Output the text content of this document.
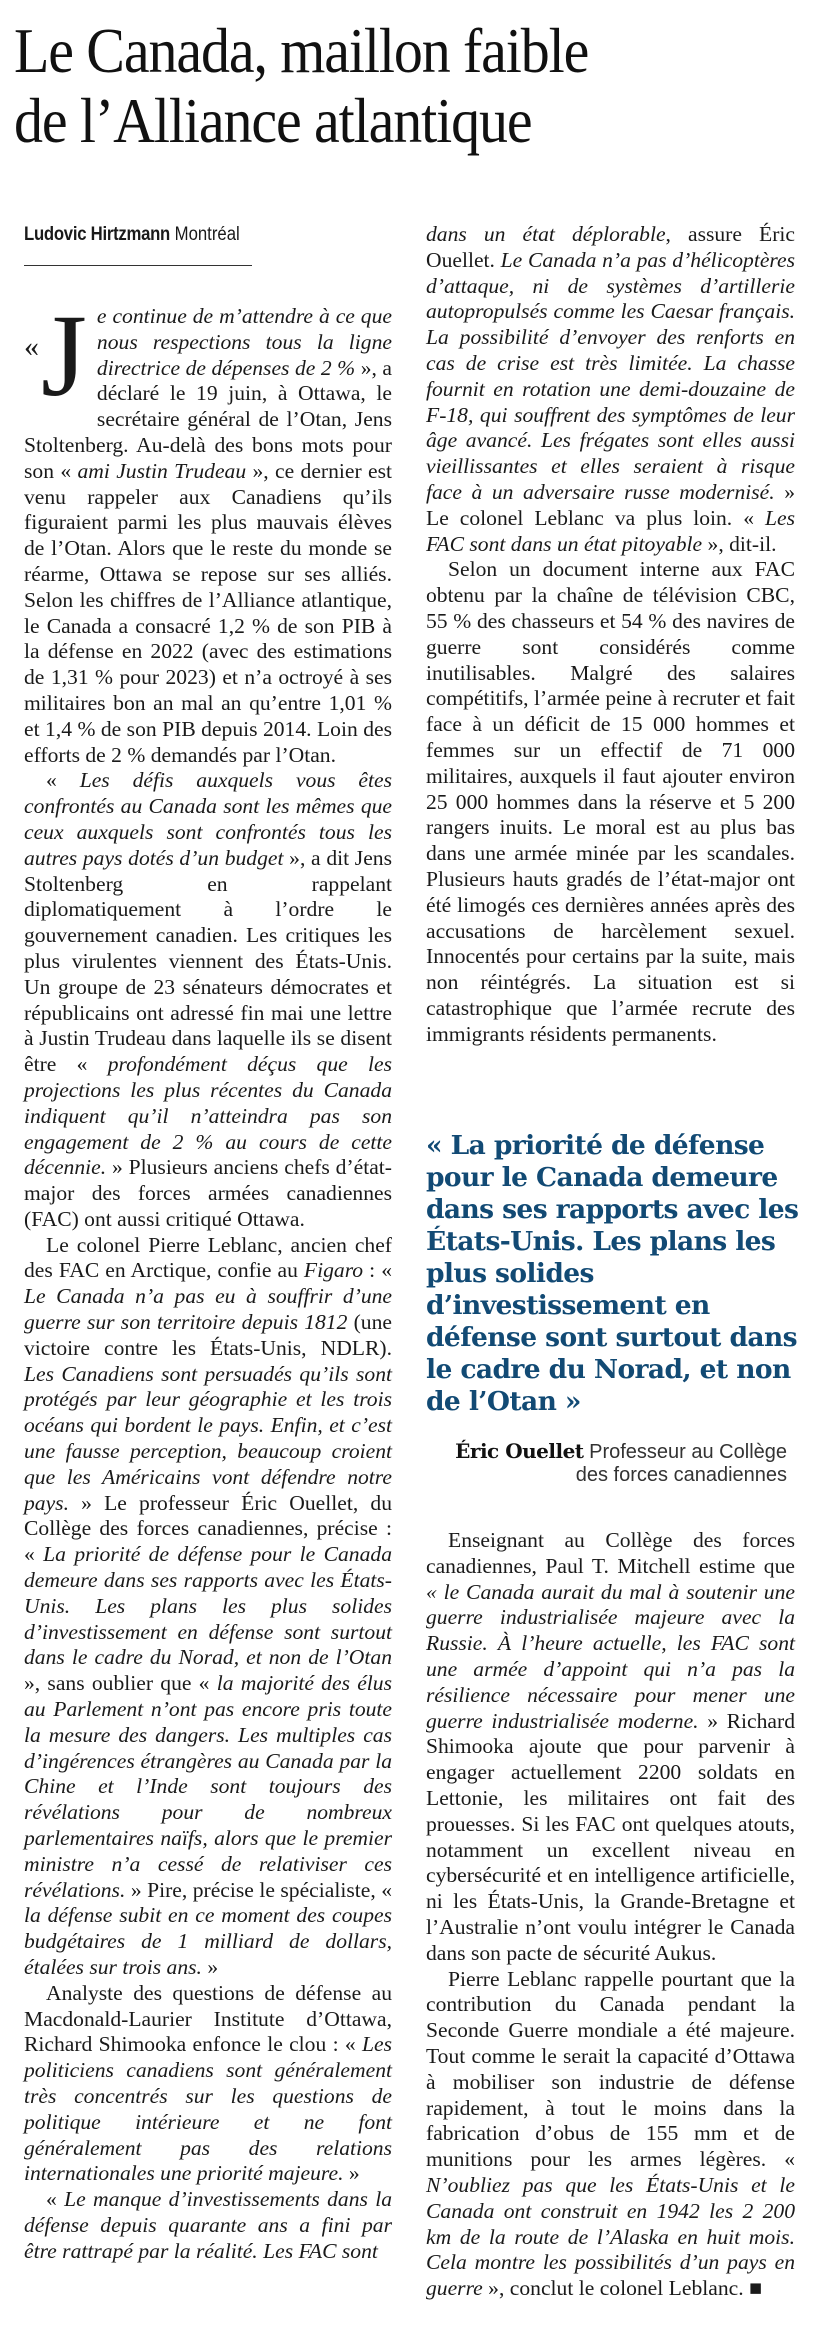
Le Canada, maillon faible
de l’Alliance atlantique
Ludovic Hirtzmann Montréal

« J e continue de m’attendre à ce que nous respections tous la ligne directrice de dépenses de 2 % », a déclaré le 19 juin, à Ottawa, le secrétaire général de l’Otan, Jens Stoltenberg. Au-delà des bons mots pour son « ami Justin Trudeau », ce dernier est venu rappeler aux Canadiens qu’ils figuraient parmi les plus mauvais élèves de l’Otan. Alors que le reste du monde se réarme, Ottawa se repose sur ses alliés. Selon les chiffres de l’Alliance atlantique, le Canada a consacré 1,2 % de son PIB à la défense en 2022 (avec des estimations de 1,31 % pour 2023) et n’a octroyé à ses militaires bon an mal an qu’entre 1,01 % et 1,4 % de son PIB depuis 2014. Loin des efforts de 2 % demandés par l’Otan.

« Les défis auxquels vous êtes confrontés au Canada sont les mêmes que ceux auxquels sont confrontés tous les autres pays dotés d’un budget », a dit Jens Stoltenberg en rappelant diplomatiquement à l’ordre le gouvernement canadien. Les critiques les plus virulentes viennent des États-Unis. Un groupe de 23 sénateurs démocrates et républicains ont adressé fin mai une lettre à Justin Trudeau dans laquelle ils se disent être « profondément déçus que les projections les plus récentes du Canada indiquent qu’il n’atteindra pas son engagement de 2 % au cours de cette décennie. » Plusieurs anciens chefs d’état-major des forces armées canadiennes (FAC) ont aussi critiqué Ottawa.

Le colonel Pierre Leblanc, ancien chef des FAC en Arctique, confie au Figaro : « Le Canada n’a pas eu à souffrir d’une guerre sur son territoire depuis 1812 (une victoire contre les États-Unis, NDLR). Les Canadiens sont persuadés qu’ils sont protégés par leur géographie et les trois océans qui bordent le pays. Enfin, et c’est une fausse perception, beaucoup croient que les Américains vont défendre notre pays. » Le professeur Éric Ouellet, du Collège des forces canadiennes, précise : « La priorité de défense pour le Canada demeure dans ses rapports avec les États-Unis. Les plans les plus solides d’investissement en défense sont surtout dans le cadre du Norad, et non de l’Otan », sans oublier que « la majorité des élus au Parlement n’ont pas encore pris toute la mesure des dangers. Les multiples cas d’ingérences étrangères au Canada par la Chine et l’Inde sont toujours des révélations pour de nombreux parlementaires naïfs, alors que le premier ministre n’a cessé de relativiser ces révélations. » Pire, précise le spécialiste, « la défense subit en ce moment des coupes budgétaires de 1 milliard de dollars, étalées sur trois ans. »

Analyste des questions de défense au Macdonald-Laurier Institute d’Ottawa, Richard Shimooka enfonce le clou : « Les politiciens canadiens sont généralement très concentrés sur les questions de politique intérieure et ne font généralement pas des relations internationales une priorité majeure. »

« Le manque d’investissements dans la défense depuis quarante ans a fini par être rattrapé par la réalité. Les FAC sont

dans un état déplorable, assure Éric Ouellet. Le Canada n’a pas d’hélicoptères d’attaque, ni de systèmes d’artillerie autopropulsés comme les Caesar français. La possibilité d’envoyer des renforts en cas de crise est très limitée. La chasse fournit en rotation une demi-douzaine de F-18, qui souffrent des symptômes de leur âge avancé. Les frégates sont elles aussi vieillissantes et elles seraient à risque face à un adversaire russe modernisé. » Le colonel Leblanc va plus loin. « Les FAC sont dans un état pitoyable », dit-il.

Selon un document interne aux FAC obtenu par la chaîne de télévision CBC, 55 % des chasseurs et 54 % des navires de guerre sont considérés comme inutilisables. Malgré des salaires compétitifs, l’armée peine à recruter et fait face à un déficit de 15 000 hommes et femmes sur un effectif de 71 000 militaires, auxquels il faut ajouter environ 25 000 hommes dans la réserve et 5 200 rangers inuits. Le moral est au plus bas dans une armée minée par les scandales. Plusieurs hauts gradés de l’état-major ont été limogés ces dernières années après des accusations de harcèlement sexuel. Innocentés pour certains par la suite, mais non réintégrés. La situation est si catastrophique que l’armée recrute des immigrants résidents permanents.

« La priorité de défense pour le Canada demeure dans ses rapports avec les États-Unis. Les plans les plus solides d’investissement en défense sont surtout dans le cadre du Norad, et non de l’Otan »
Éric Ouellet Professeur au Collège des forces canadiennes

Enseignant au Collège des forces canadiennes, Paul T. Mitchell estime que « le Canada aurait du mal à soutenir une guerre industrialisée majeure avec la Russie. À l’heure actuelle, les FAC sont une armée d’appoint qui n’a pas la résilience nécessaire pour mener une guerre industrialisée moderne. » Richard Shimooka ajoute que pour parvenir à engager actuellement 2200 soldats en Lettonie, les militaires ont fait des prouesses. Si les FAC ont quelques atouts, notamment un excellent niveau en cybersécurité et en intelligence artificielle, ni les États-Unis, la Grande-Bretagne et l’Australie n’ont voulu intégrer le Canada dans son pacte de sécurité Aukus.

Pierre Leblanc rappelle pourtant que la contribution du Canada pendant la Seconde Guerre mondiale a été majeure. Tout comme le serait la capacité d’Ottawa à mobiliser son industrie de défense rapidement, à tout le moins dans la fabrication d’obus de 155 mm et de munitions pour les armes légères. « N’oubliez pas que les États-Unis et le Canada ont construit en 1942 les 2 200 km de la route de l’Alaska en huit mois. Cela montre les possibilités d’un pays en guerre », conclut le colonel Leblanc. ■
